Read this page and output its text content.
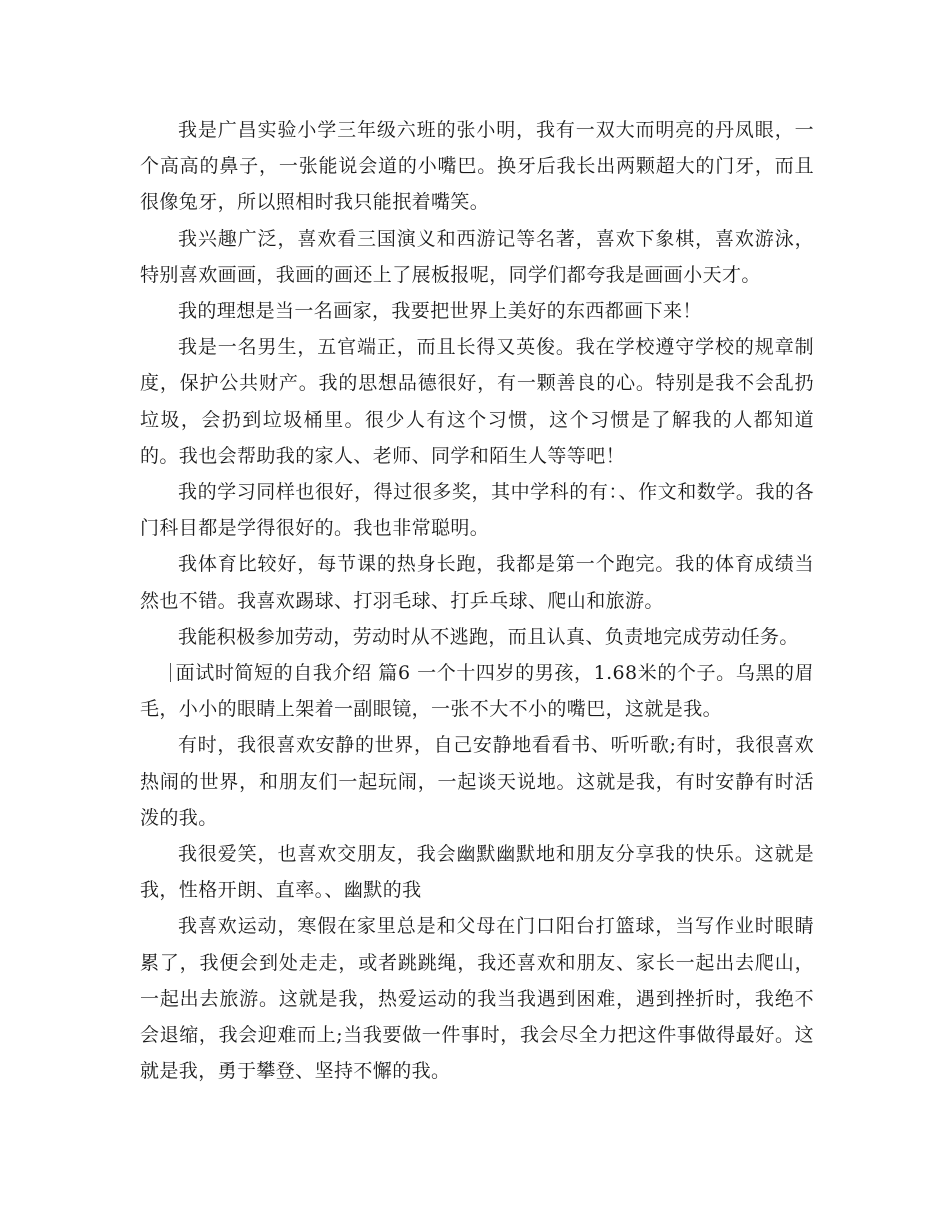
我是广昌实验小学三年级六班的张小明，我有一双大而明亮的丹凤眼，一个高高的鼻子，一张能说会道的小嘴巴。换牙后我长出两颗超大的门牙，而且很像兔牙，所以照相时我只能抿着嘴笑。

我兴趣广泛，喜欢看三国演义和西游记等名著，喜欢下象棋，喜欢游泳，特别喜欢画画，我画的画还上了展板报呢，同学们都夸我是画画小天才。

我的理想是当一名画家，我要把世界上美好的东西都画下来！

我是一名男生，五官端正，而且长得又英俊。我在学校遵守学校的规章制度，保护公共财产。我的思想品德很好，有一颗善良的心。特别是我不会乱扔垃圾，会扔到垃圾桶里。很少人有这个习惯，这个习惯是了解我的人都知道的。我也会帮助我的家人、老师、同学和陌生人等等吧！

我的学习同样也很好，得过很多奖，其中学科的有：、作文和数学。我的各门科目都是学得很好的。我也非常聪明。

我体育比较好，每节课的热身长跑，我都是第一个跑完。我的体育成绩当然也不错。我喜欢踢球、打羽毛球、打乒乓球、爬山和旅游。

我能积极参加劳动，劳动时从不逃跑，而且认真、负责地完成劳动任务。

面试时简短的自我介绍 篇6 一个十四岁的男孩，1.68米的个子。乌黑的眉毛，小小的眼睛上架着一副眼镜，一张不大不小的嘴巴，这就是我。

有时，我很喜欢安静的世界，自己安静地看看书、听听歌;有时，我很喜欢热闹的世界，和朋友们一起玩闹，一起谈天说地。这就是我，有时安静有时活泼的我。

我很爱笑，也喜欢交朋友，我会幽默幽默地和朋友分享我的快乐。这就是我，性格开朗、直率。、幽默的我

我喜欢运动，寒假在家里总是和父母在门口阳台打篮球，当写作业时眼睛累了，我便会到处走走，或者跳跳绳，我还喜欢和朋友、家长一起出去爬山，一起出去旅游。这就是我，热爱运动的我当我遇到困难，遇到挫折时，我绝不会退缩，我会迎难而上;当我要做一件事时，我会尽全力把这件事做得最好。这就是我，勇于攀登、坚持不懈的我。
